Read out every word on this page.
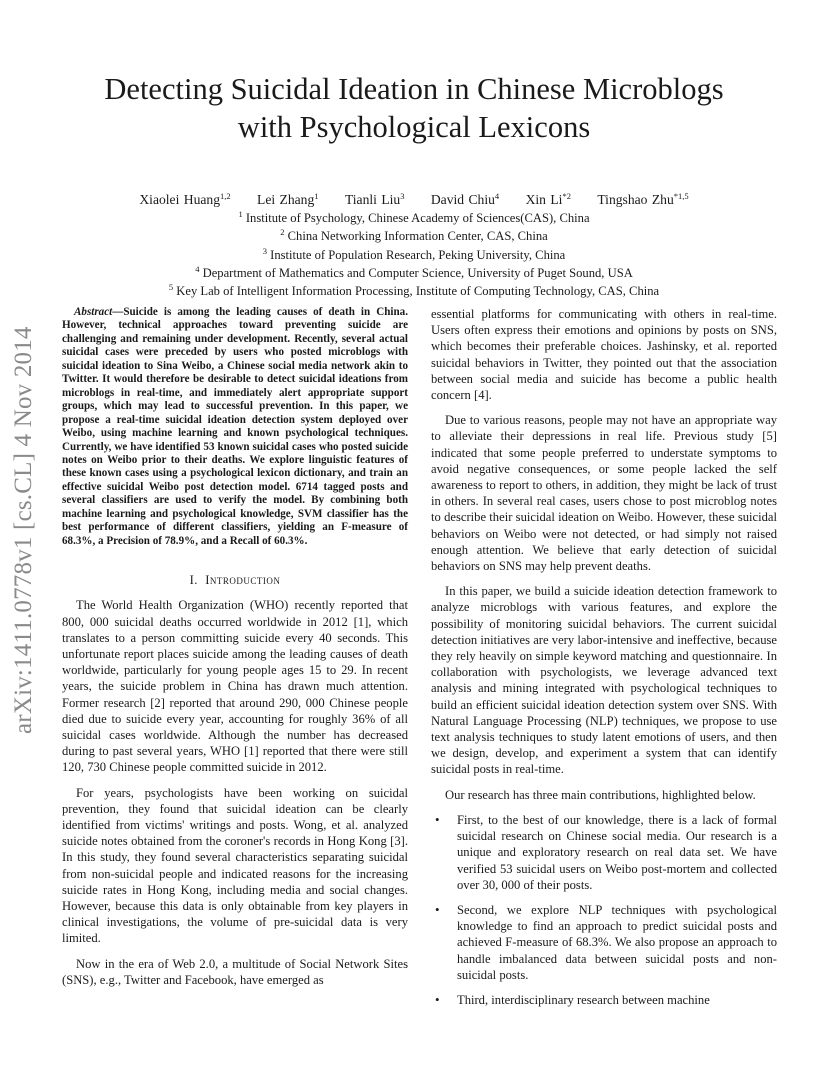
arXiv:1411.0778v1 [cs.CL] 4 Nov 2014
Detecting Suicidal Ideation in Chinese Microblogs
with Psychological Lexicons
Xiaolei Huang$^{1,2}$ Lei Zhang$^1$ Tianli Liu$^3$ David Chiu$^4$ Xin Li$^{*2}$ Tingshao Zhu$^{*1,5}$
$^1$ Institute of Psychology, Chinese Academy of Sciences(CAS), China
$^2$ China Networking Information Center, CAS, China
$^3$ Institute of Population Research, Peking University, China
$^4$ Department of Mathematics and Computer Science, University of Puget Sound, USA
$^5$ Key Lab of Intelligent Information Processing, Institute of Computing Technology, CAS, China

Abstract—Suicide is among the leading causes of death in China. However, technical approaches toward preventing suicide are challenging and remaining under development. Recently, several actual suicidal cases were preceded by users who posted microblogs with suicidal ideation to Sina Weibo, a Chinese social media network akin to Twitter. It would therefore be desirable to detect suicidal ideations from microblogs in real-time, and immediately alert appropriate support groups, which may lead to successful prevention. In this paper, we propose a real-time suicidal ideation detection system deployed over Weibo, using machine learning and known psychological techniques. Currently, we have identified 53 known suicidal cases who posted suicide notes on Weibo prior to their deaths. We explore linguistic features of these known cases using a psychological lexicon dictionary, and train an effective suicidal Weibo post detection model. 6714 tagged posts and several classifiers are used to verify the model. By combining both machine learning and psychological knowledge, SVM classifier has the best performance of different classifiers, yielding an F-measure of 68.3%, a Precision of 78.9%, and a Recall of 60.3%.

I. Introduction

The World Health Organization (WHO) recently reported that 800, 000 suicidal deaths occurred worldwide in 2012 [1], which translates to a person committing suicide every 40 seconds. This unfortunate report places suicide among the leading causes of death worldwide, particularly for young people ages 15 to 29. In recent years, the suicide problem in China has drawn much attention. Former research [2] reported that around 290, 000 Chinese people died due to suicide every year, accounting for roughly 36% of all suicidal cases worldwide. Although the number has decreased during to past several years, WHO [1] reported that there were still 120, 730 Chinese people committed suicide in 2012.

For years, psychologists have been working on suicidal prevention, they found that suicidal ideation can be clearly identified from victims' writings and posts. Wong, et al. analyzed suicide notes obtained from the coroner's records in Hong Kong [3]. In this study, they found several characteristics separating suicidal from non-suicidal people and indicated reasons for the increasing suicide rates in Hong Kong, including media and social changes. However, because this data is only obtainable from key players in clinical investigations, the volume of pre-suicidal data is very limited.

Now in the era of Web 2.0, a multitude of Social Network Sites (SNS), e.g., Twitter and Facebook, have emerged as

essential platforms for communicating with others in real-time. Users often express their emotions and opinions by posts on SNS, which becomes their preferable choices. Jashinsky, et al. reported suicidal behaviors in Twitter, they pointed out that the association between social media and suicide has become a public health concern [4].

Due to various reasons, people may not have an appropriate way to alleviate their depressions in real life. Previous study [5] indicated that some people preferred to understate symptoms to avoid negative consequences, or some people lacked the self awareness to report to others, in addition, they might be lack of trust in others. In several real cases, users chose to post microblog notes to describe their suicidal ideation on Weibo. However, these suicidal behaviors on Weibo were not detected, or had simply not raised enough attention. We believe that early detection of suicidal behaviors on SNS may help prevent deaths.

In this paper, we build a suicide ideation detection framework to analyze microblogs with various features, and explore the possibility of monitoring suicidal behaviors. The current suicidal detection initiatives are very labor-intensive and ineffective, because they rely heavily on simple keyword matching and questionnaire. In collaboration with psychologists, we leverage advanced text analysis and mining integrated with psychological techniques to build an efficient suicidal ideation detection system over SNS. With Natural Language Processing (NLP) techniques, we propose to use text analysis techniques to study latent emotions of users, and then we design, develop, and experiment a system that can identify suicidal posts in real-time.

Our research has three main contributions, highlighted below.

• First, to the best of our knowledge, there is a lack of formal suicidal research on Chinese social media. Our research is a unique and exploratory research on real data set. We have verified 53 suicidal users on Weibo post-mortem and collected over 30, 000 of their posts.
• Second, we explore NLP techniques with psychological knowledge to find an approach to predict suicidal posts and achieved F-measure of 68.3%. We also propose an approach to handle imbalanced data between suicidal posts and non-suicidal posts.
• Third, interdisciplinary research between machine
